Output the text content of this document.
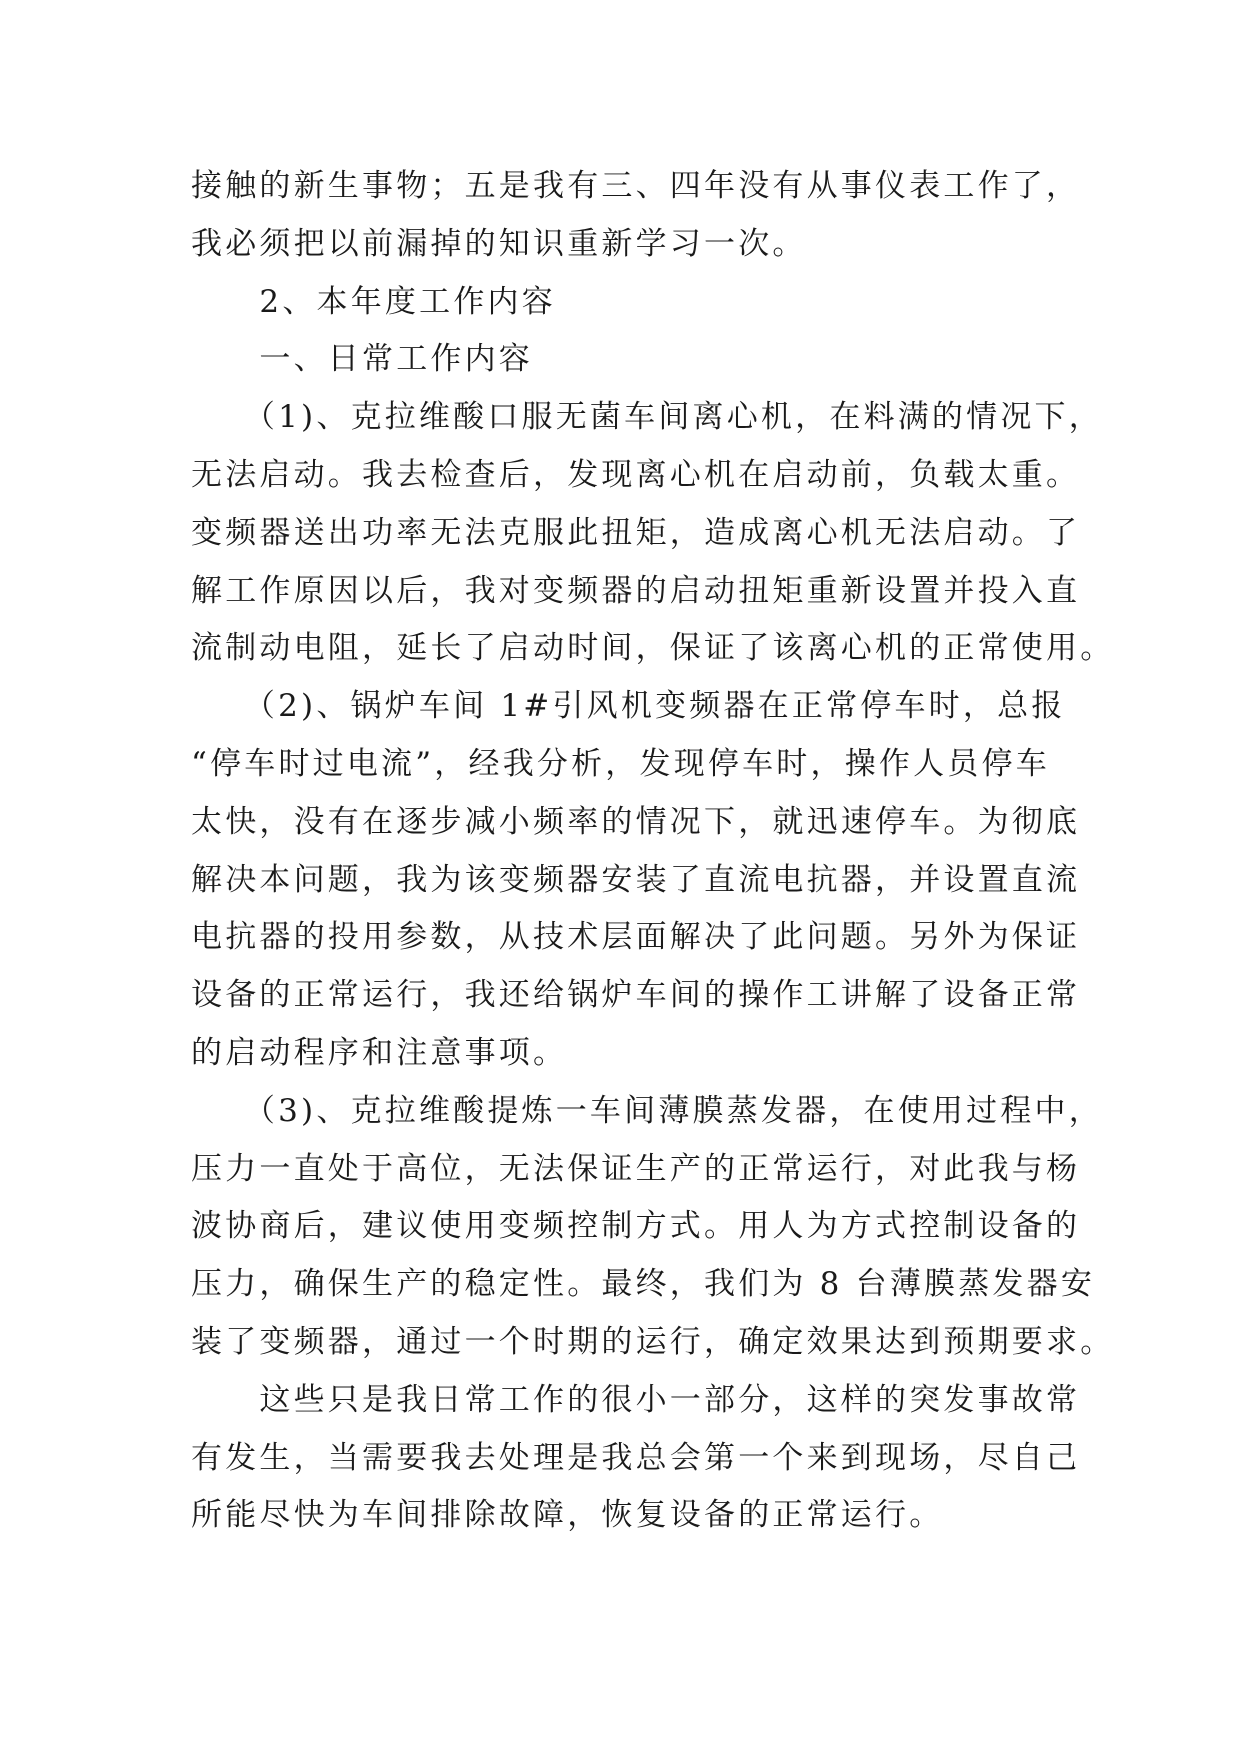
接触的新生事物；五是我有三、四年没有从事仪表工作了，
我必须把以前漏掉的知识重新学习一次。
　　2、本年度工作内容
　　一、日常工作内容
　　（1)、克拉维酸口服无菌车间离心机，在料满的情况下，
无法启动。我去检查后，发现离心机在启动前，负载太重。
变频器送出功率无法克服此扭矩，造成离心机无法启动。了
解工作原因以后，我对变频器的启动扭矩重新设置并投入直
流制动电阻，延长了启动时间，保证了该离心机的正常使用。
　　（2)、锅炉车间 1#引风机变频器在正常停车时，总报
“停车时过电流”，经我分析，发现停车时，操作人员停车
太快，没有在逐步减小频率的情况下，就迅速停车。为彻底
解决本问题，我为该变频器安装了直流电抗器，并设置直流
电抗器的投用参数，从技术层面解决了此问题。另外为保证
设备的正常运行，我还给锅炉车间的操作工讲解了设备正常
的启动程序和注意事项。
　　（3)、克拉维酸提炼一车间薄膜蒸发器，在使用过程中，
压力一直处于高位，无法保证生产的正常运行，对此我与杨
波协商后，建议使用变频控制方式。用人为方式控制设备的
压力，确保生产的稳定性。最终，我们为 8 台薄膜蒸发器安
装了变频器，通过一个时期的运行，确定效果达到预期要求。
　　这些只是我日常工作的很小一部分，这样的突发事故常
有发生，当需要我去处理是我总会第一个来到现场，尽自己
所能尽快为车间排除故障，恢复设备的正常运行。
